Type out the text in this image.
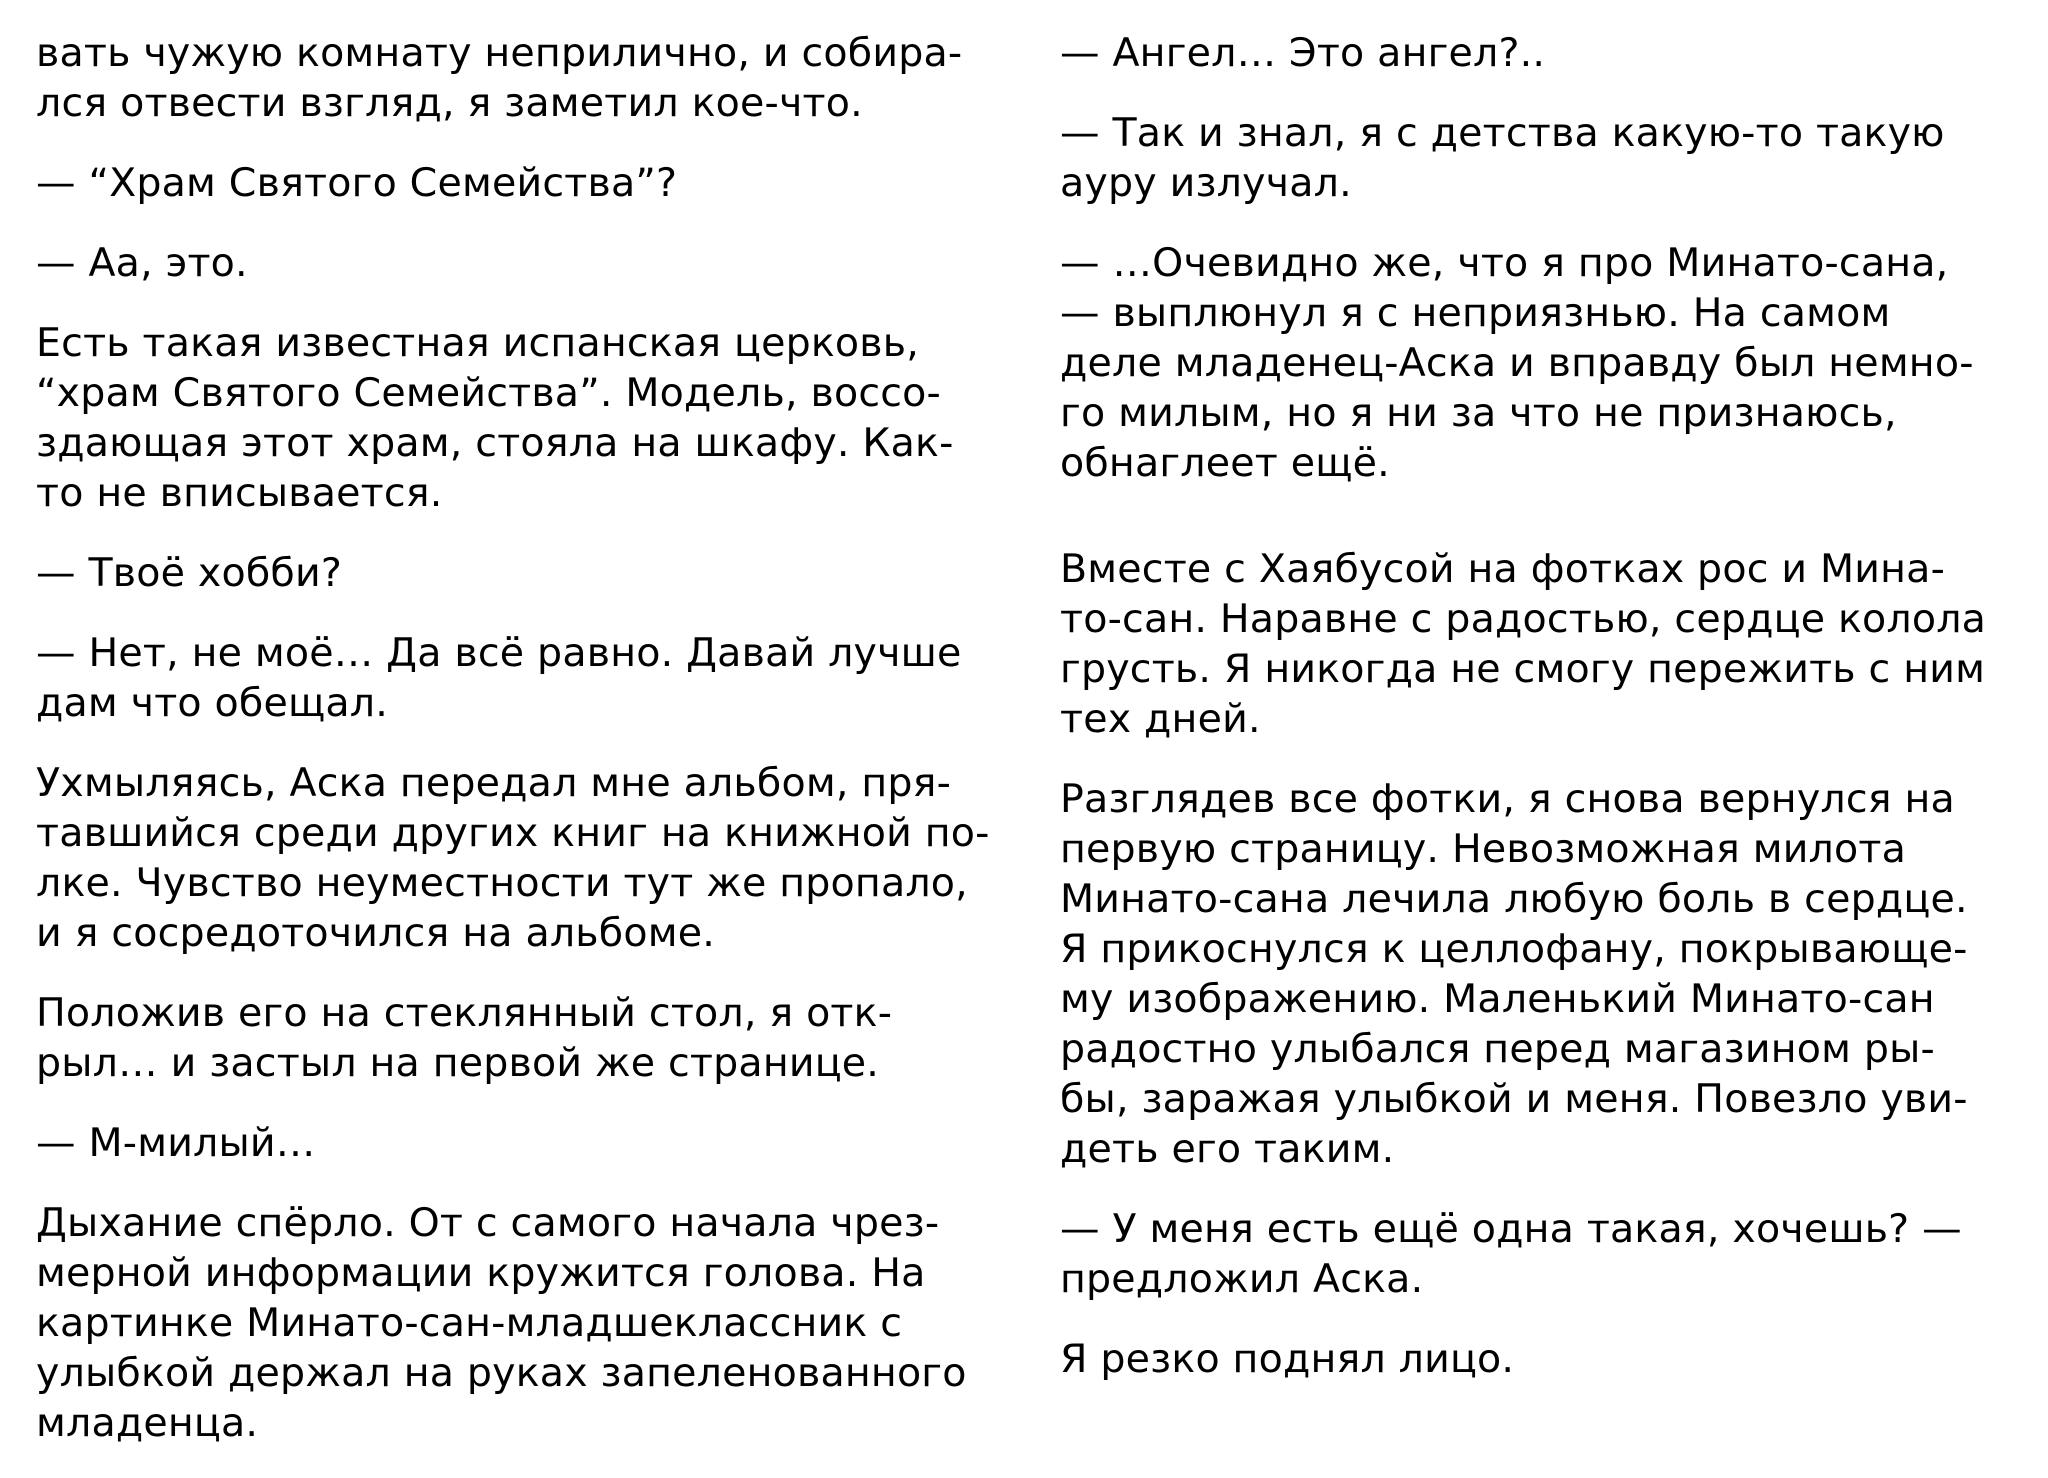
вать чужую комнату неприлично, и собира-
лся отвести взгляд, я заметил кое-что.

— “Храм Святого Семейства”?

— Аа, это.

Есть такая известная испанская церковь,
“храм Святого Семейства”. Модель, воссо-
здающая этот храм, стояла на шкафу. Как-
то не вписывается.

— Твоё хобби?

— Нет, не моё… Да всё равно. Давай лучше
дам что обещал.

Ухмыляясь, Аска передал мне альбом, пря-
тавшийся среди других книг на книжной по-
лке. Чувство неуместности тут же пропало,
и я сосредоточился на альбоме.

Положив его на стеклянный стол, я отк-
рыл… и застыл на первой же странице.

— М-милый…

Дыхание спёрло. От с самого начала чрез-
мерной информации кружится голова. На
картинке Минато-сан-младшеклассник с
улыбкой держал на руках запеленованного
младенца.

— Ангел… Это ангел?..

— Так и знал, я с детства какую-то такую
ауру излучал.

— …Очевидно же, что я про Минато-сана,
— выплюнул я с неприязнью. На самом
деле младенец-Аска и вправду был немно-
го милым, но я ни за что не признаюсь,
обнаглеет ещё.

Вместе с Хаябусой на фотках рос и Мина-
то-сан. Наравне с радостью, сердце колола
грусть. Я никогда не смогу пережить с ним
тех дней.

Разглядев все фотки, я снова вернулся на
первую страницу. Невозможная милота
Минато-сана лечила любую боль в сердце.
Я прикоснулся к целлофану, покрывающе-
му изображению. Маленький Минато-сан
радостно улыбался перед магазином ры-
бы, заражая улыбкой и меня. Повезло уви-
деть его таким.

— У меня есть ещё одна такая, хочешь? —
предложил Аска.

Я резко поднял лицо.
